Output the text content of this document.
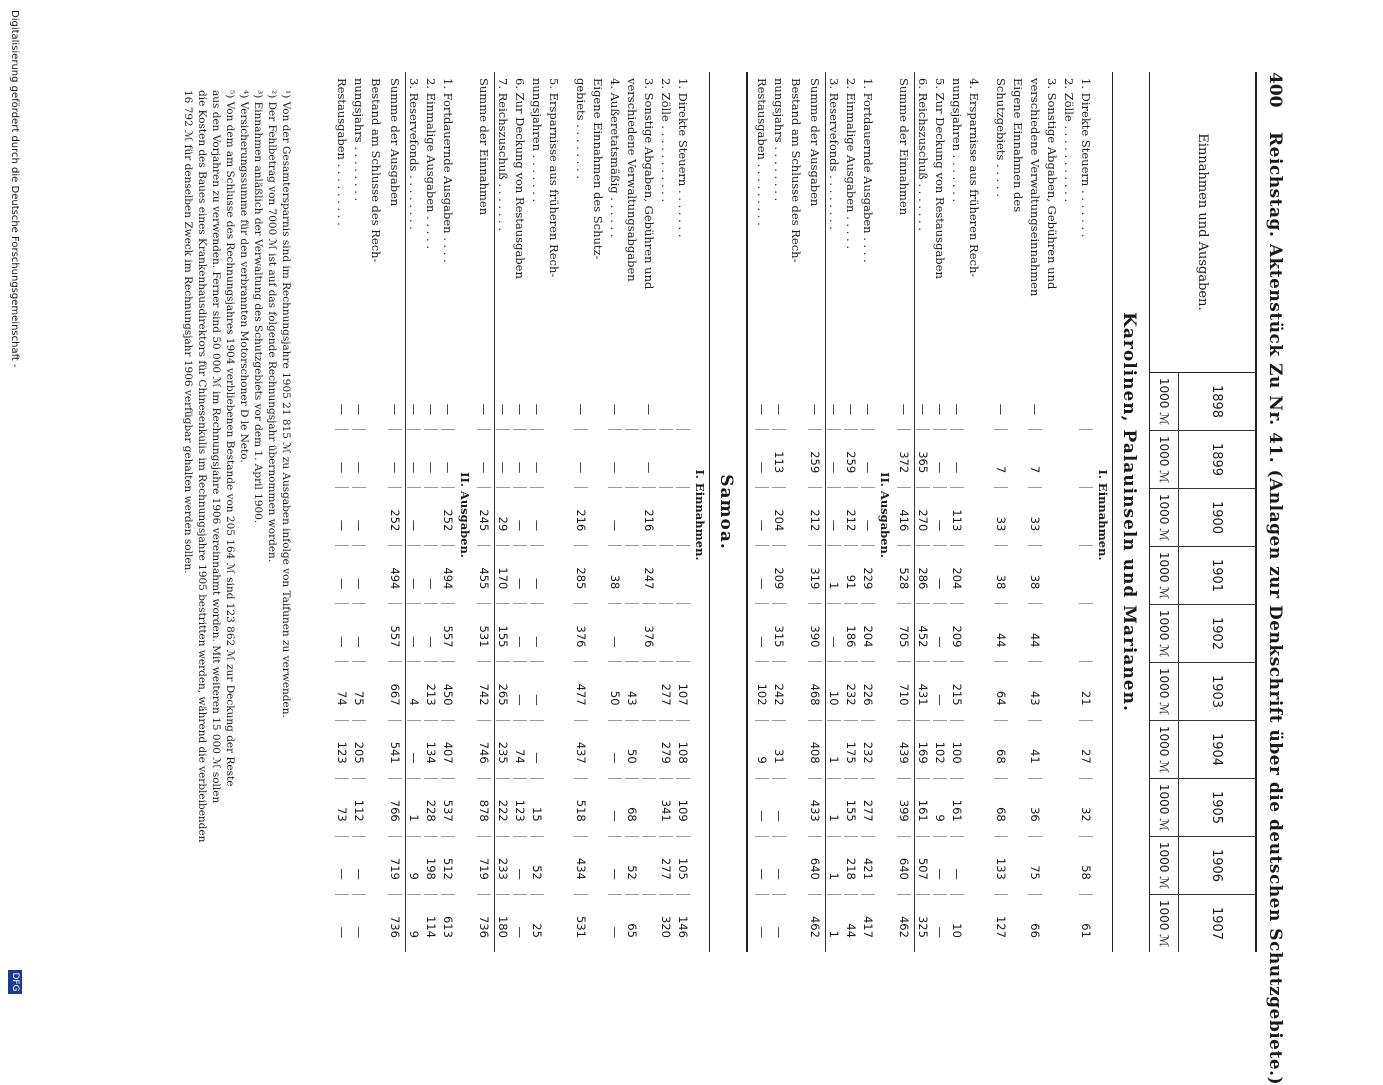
400
Reichstag. Aktenstück Zu Nr. 41. (Anlagen zur Denkschrift über die deutschen Schutzgebiete.)
Einnahmen und Ausgaben.
1898
1000 ℳ
1899
1000 ℳ
1900
1000 ℳ
1901
1000 ℳ
1902
1000 ℳ
1903
1000 ℳ
1904
1000 ℳ
1905
1000 ℳ
1906
1000 ℳ
1907
1000 ℳ
Karolinen, Palauinseln und Marianen.
I. Einnahmen.
1. Direkte Steuern . . . . . . .
21
27
32
58
61
2. Zölle . . . . . . . . . . .
3. Sonstige Abgaben, Gebühren und
verschiedene Verwaltungseinnahmen
—
7
33
38
44
43
41
36
75
66
Eigene Einnahmen des
Schutzgebiets . . . . .
—
7
33
38
44
64
68
68
133
127
4. Ersparnisse aus früheren Rech-
nungsjahren . . . . . . .
—
—
113
204
209
215
100
161
—
10
5. Zur Deckung von Restausgaben
—
—
—
—
—
—
102
9
—
—
6. Reichszuschuß . . . . . . .
—
365
270
286
452
431
169
161
507
325
Summe der Einnahmen
—
372
416
528
705
710
439
399
640
462
II. Ausgaben.
1. Fortdauernde Ausgaben . . . .
—
—
—
229
204
226
232
277
421
417
2. Einmalige Ausgaben . . . . .
—
259
212
91
186
232
175
155
218
44
3. Reservefonds . . . . . . . .
—
—
—
1
—
10
1
1
1
1
Summe der Ausgaben
—
259
212
319
390
468
408
433
640
462
Bestand am Schlusse des Rech-
nungsjahrs . . . . . . . .
—
113
204
209
315
242
31
—
—
—
Restausgaben . . . . . . . . .
—
—
—
—
—
102
9
—
—
—
Samoa.
I. Einnahmen.
1. Direkte Steuern . . . . . . .
107
108
109
105
146
2. Zölle . . . . . . . . . . .
277
279
341
277
320
3. Sonstige Abgaben, Gebühren und
—
—
216
247
376
verschiedene Verwaltungsabgaben
43
50
68
52
65
4. Außeretatsmäßig . . . . . .
—
—
—
38
—
50
—
—
—
—
Eigene Einnahmen des Schutz-
gebiets . . . . . . . .
—
—
216
285
376
477
437
518
434
531
5. Ersparnisse aus früheren Rech-
nungsjahren . . . . . . .
—
—
—
—
—
—
—
15
52
25
6. Zur Deckung von Restausgaben
—
—
—
—
—
—
74
123
—
—
7. Reichszuschuß . . . . . . .
—
—
29
170
155
265
235
222
233
180
Summe der Einnahmen
—
—
245
455
531
742
746
878
719
736
II. Ausgaben.
1. Fortdauernde Ausgaben . . . .
—
—
252
494
557
450
407
537
512
613
2. Einmalige Ausgaben . . . . .
—
—
—
—
213
134
228
198
114
3. Reservefonds . . . . . . . .
—
—
—
—
—
4
—
1
9
9
Summe der Ausgaben
—
—
252
494
557
667
541
766
719
736
Bestand am Schlusse des Rech-
nungsjahrs . . . . . . . .
—
—
—
—
—
75
205
112
—
—
Restausgaben . . . . . . . . .
—
—
—
—
—
74
123
73
—
—

¹) Von der Gesamtersparnis sind im Rechnungsjahre 1905 21 815 ℳ zu Ausgaben infolge von Taifunen zu verwenden.

²) Der Fehlbetrag von 7000 ℳ ist auf das folgende Rechnungsjahr übernommen worden.

³) Einnahmen anläßlich der Verwaltung des Schutzgebiets vor dem 1. April 1900.

⁴) Versicherungssumme für den verbrannten Motorschoner D le Neto.

⁵) Von dem am Schlusse des Rechnungsjahres 1904 verbliebenen Bestande von 205 164 ℳ sind 123 862 ℳ zur Deckung der Reste

aus den Vorjahren zu verwenden. Ferner sind 50 000 ℳ im Rechnungsjahre 1906 vereinnahmt worden. Mit weiteren 15 000 ℳ sollen

die Kosten des Baues eines Krankenhausdirektors für Chinesenkulis im Rechnungsjahre 1905 bestritten werden, während die verbleibenden

16 792 ℳ für denselben Zweck im Rechnungsjahr 1906 verfügbar gehalten werden sollen.

Digitalisierung gefördert durch die Deutsche Forschungsgemeinschaft -
DFG
